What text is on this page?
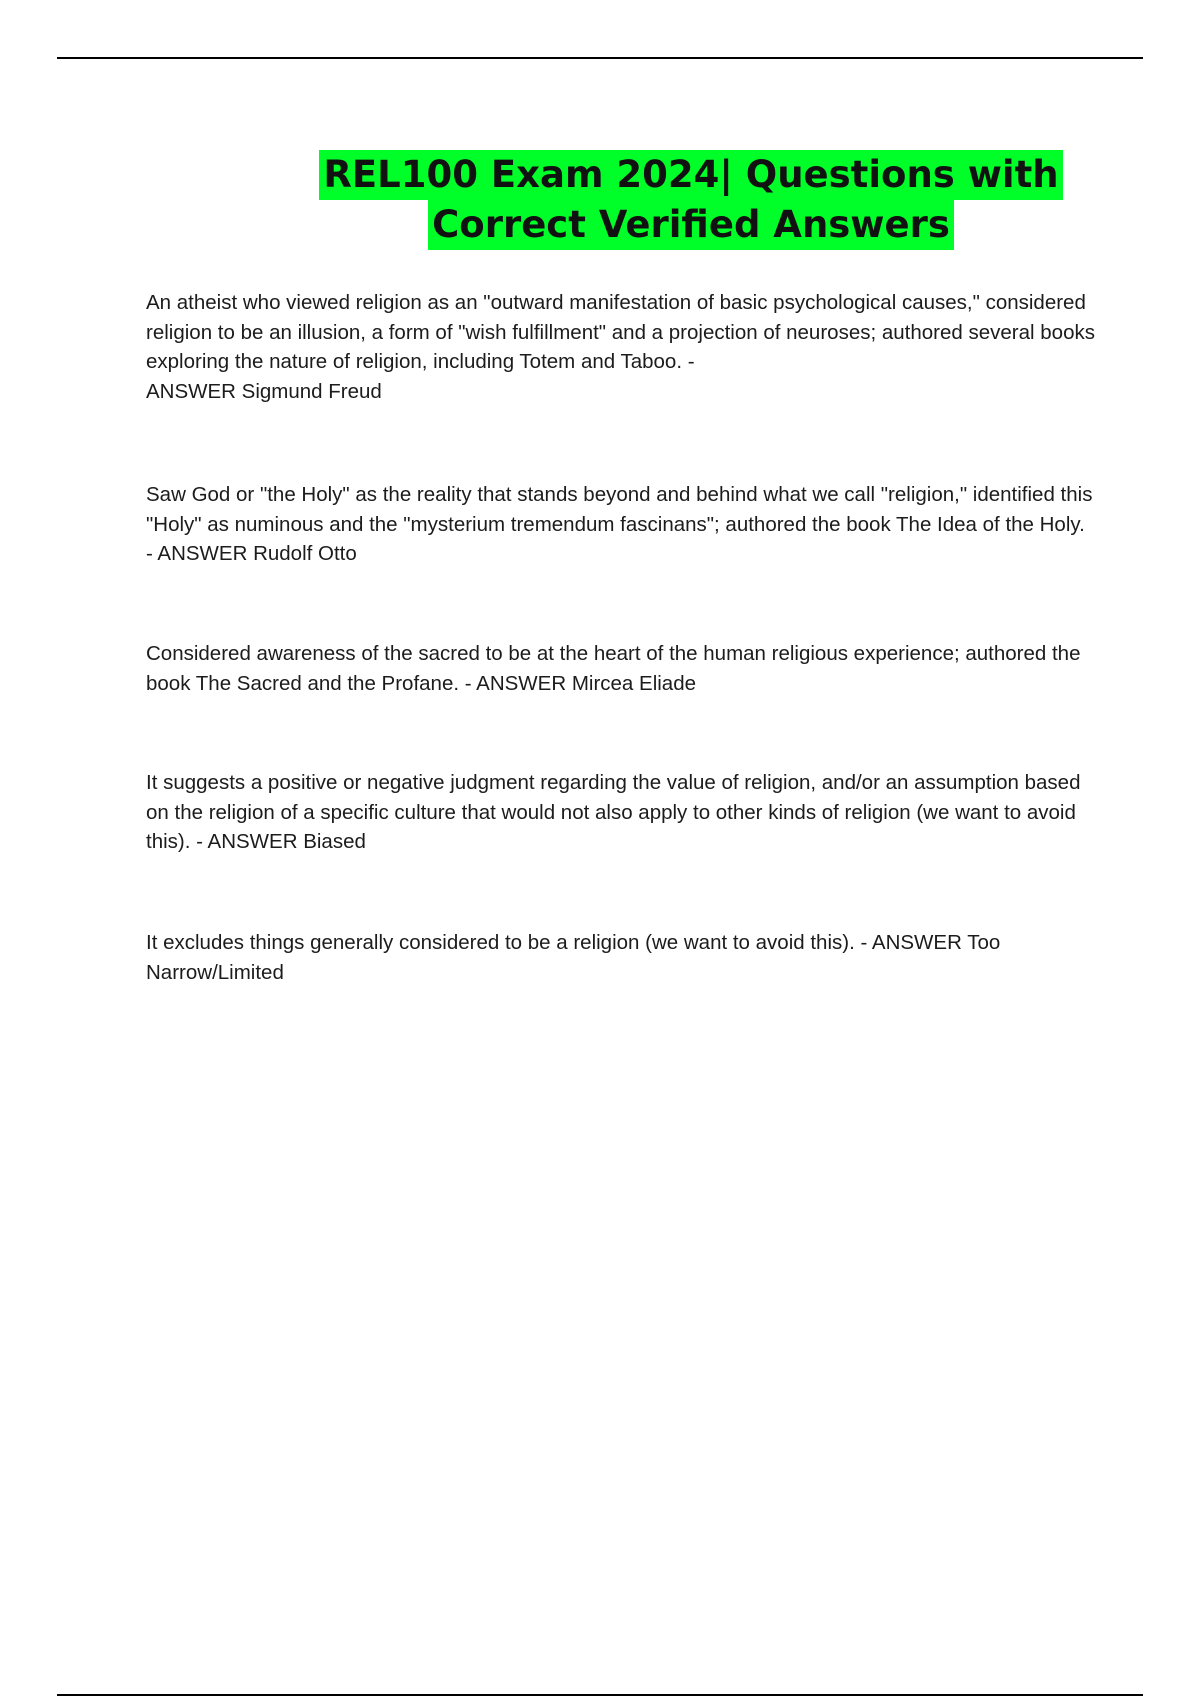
REL100 Exam 2024| Questions with
Correct Verified Answers

An atheist who viewed religion as an "outward manifestation of basic psychological causes," considered religion to be an illusion, a form of "wish fulfillment" and a projection of neuroses; authored several books exploring the nature of religion, including Totem and Taboo. -
ANSWER Sigmund Freud

Saw God or "the Holy" as the reality that stands beyond and behind what we call "religion," identified this "Holy" as numinous and the "mysterium tremendum fascinans"; authored the book The Idea of the Holy. - ANSWER Rudolf Otto

Considered awareness of the sacred to be at the heart of the human religious experience; authored the book The Sacred and the Profane. - ANSWER Mircea Eliade

It suggests a positive or negative judgment regarding the value of religion, and/or an assumption based on the religion of a specific culture that would not also apply to other kinds of religion (we want to avoid this). - ANSWER Biased

It excludes things generally considered to be a religion (we want to avoid this). - ANSWER Too Narrow/Limited
